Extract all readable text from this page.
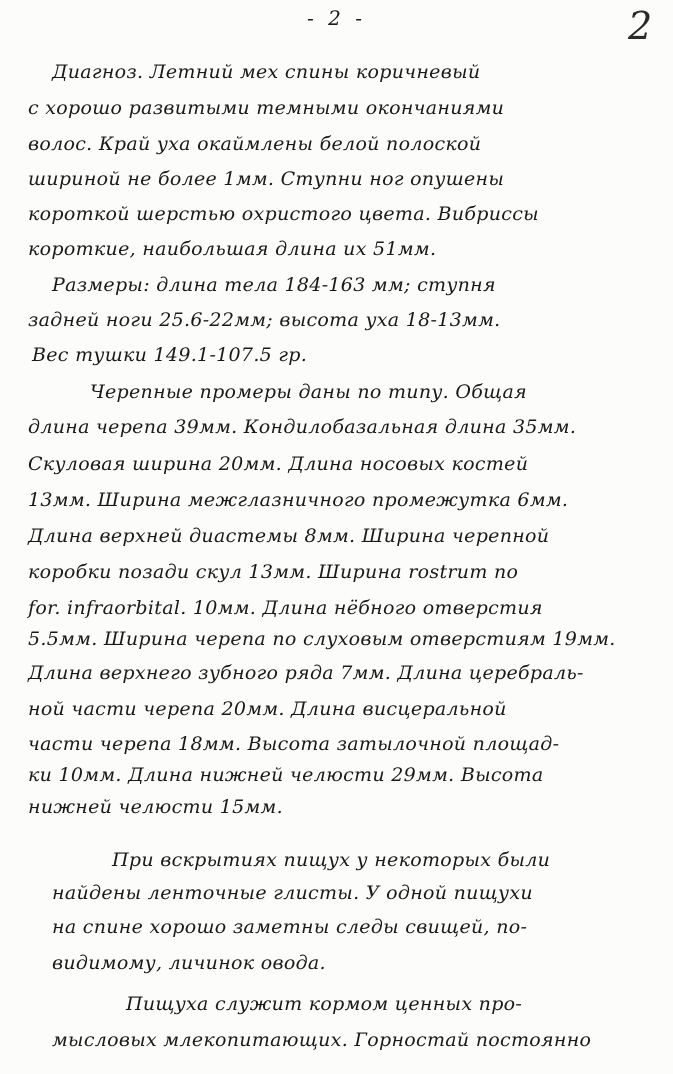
- 2 -	2
Диагноз. Летний мех спины коричневый
с хорошо развитыми темными окончаниями
волос. Край уха окаймлены белой полоской
шириной не более 1мм. Ступни ног опушены
короткой шерстью охристого цвета. Вибриссы
короткие, наибольшая длина их 51мм.
Размеры: длина тела 184-163 мм; ступня
задней ноги 25.6-22мм; высота уха 18-13мм.
Вес тушки 149.1-107.5 гр.
Черепные промеры даны по типу. Общая
длина черепа 39мм. Кондилобазальная длина 35мм.
Скуловая ширина 20мм. Длина носовых костей
13мм. Ширина межглазничного промежутка 6мм.
Длина верхней диастемы 8мм. Ширина черепной
коробки позади скул 13мм. Ширина rostrum по
for. infraorbital. 10мм. Длина нёбного отверстия
5.5мм. Ширина черепа по слуховым отверстиям 19мм.
Длина верхнего зубного ряда 7мм. Длина церебраль-
ной части черепа 20мм. Длина висцеральной
части черепа 18мм. Высота затылочной площад-
ки 10мм. Длина нижней челюсти 29мм. Высота
нижней челюсти 15мм.
При вскрытиях пищух у некоторых были
найдены ленточные глисты. У одной пищухи
на спине хорошо заметны следы свищей, по-
видимому, личинок овода.
Пищуха служит кормом ценных про-
мысловых млекопитающих. Горностай постоянно
